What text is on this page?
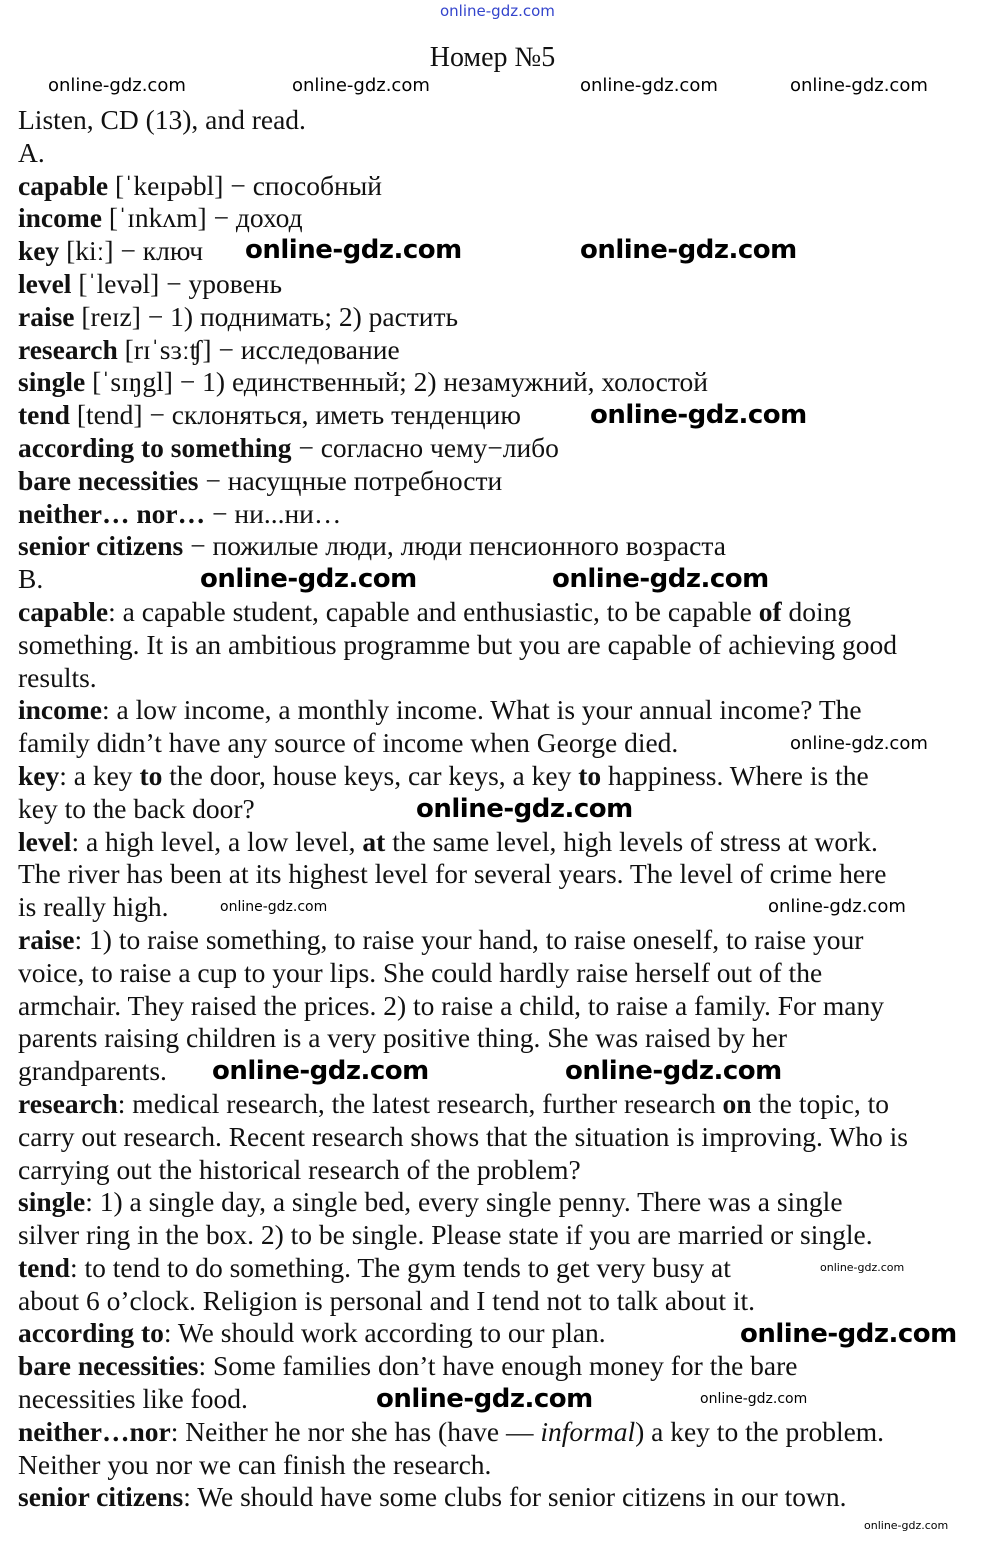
Номер №5
Listen, CD (13), and read.
A.
capable [ˈkeɪpəbl] − способный
income [ˈɪnkʌm] − доход
key [kiː] − ключ
level [ˈlevəl] − уровень
raise [reɪz] − 1) поднимать; 2) растить
research [rɪˈsɜːʧ] − исследование
single [ˈsɪŋgl] − 1) единственный; 2) незамужний, холостой
tend [tend] − склоняться, иметь тенденцию
according to something − согласно чему−либо
bare necessities − насущные потребности
neither… nor… − ни...ни…
senior citizens − пожилые люди, люди пенсионного возраста
B.
capable: a capable student, capable and enthusiastic, to be capable of doing
something. It is an ambitious programme but you are capable of achieving good
results.
income: a low income, a monthly income. What is your annual income? The
family didn’t have any source of income when George died.
key: a key to the door, house keys, car keys, a key to happiness. Where is the
key to the back door?
level: a high level, a low level, at the same level, high levels of stress at work.
The river has been at its highest level for several years. The level of crime here
is really high.
raise: 1) to raise something, to raise your hand, to raise oneself, to raise your
voice, to raise a cup to your lips. She could hardly raise herself out of the
armchair. They raised the prices. 2) to raise a child, to raise a family. For many
parents raising children is a very positive thing. She was raised by her
grandparents.
research: medical research, the latest research, further research on the topic, to
carry out research. Recent research shows that the situation is improving. Who is
carrying out the historical research of the problem?
single: 1) a single day, a single bed, every single penny. There was a single
silver ring in the box. 2) to be single. Please state if you are married or single.
tend: to tend to do something. The gym tends to get very busy at
about 6 o’clock. Religion is personal and I tend not to talk about it.
according to: We should work according to our plan.
bare necessities: Some families don’t have enough money for the bare
necessities like food.
neither…nor: Neither he nor she has (have — informal) a key to the problem.
Neither you nor we can finish the research.
senior citizens: We should have some clubs for senior citizens in our town.
online-gdz.com
online-gdz.com	online-gdz.com	online-gdz.com	online-gdz.com
online-gdz.com	online-gdz.com
online-gdz.com
online-gdz.com	online-gdz.com
online-gdz.com
online-gdz.com
online-gdz.com
online-gdz.com
online-gdz.com	online-gdz.com
online-gdz.com
online-gdz.com
online-gdz.com	online-gdz.com
online-gdz.com
